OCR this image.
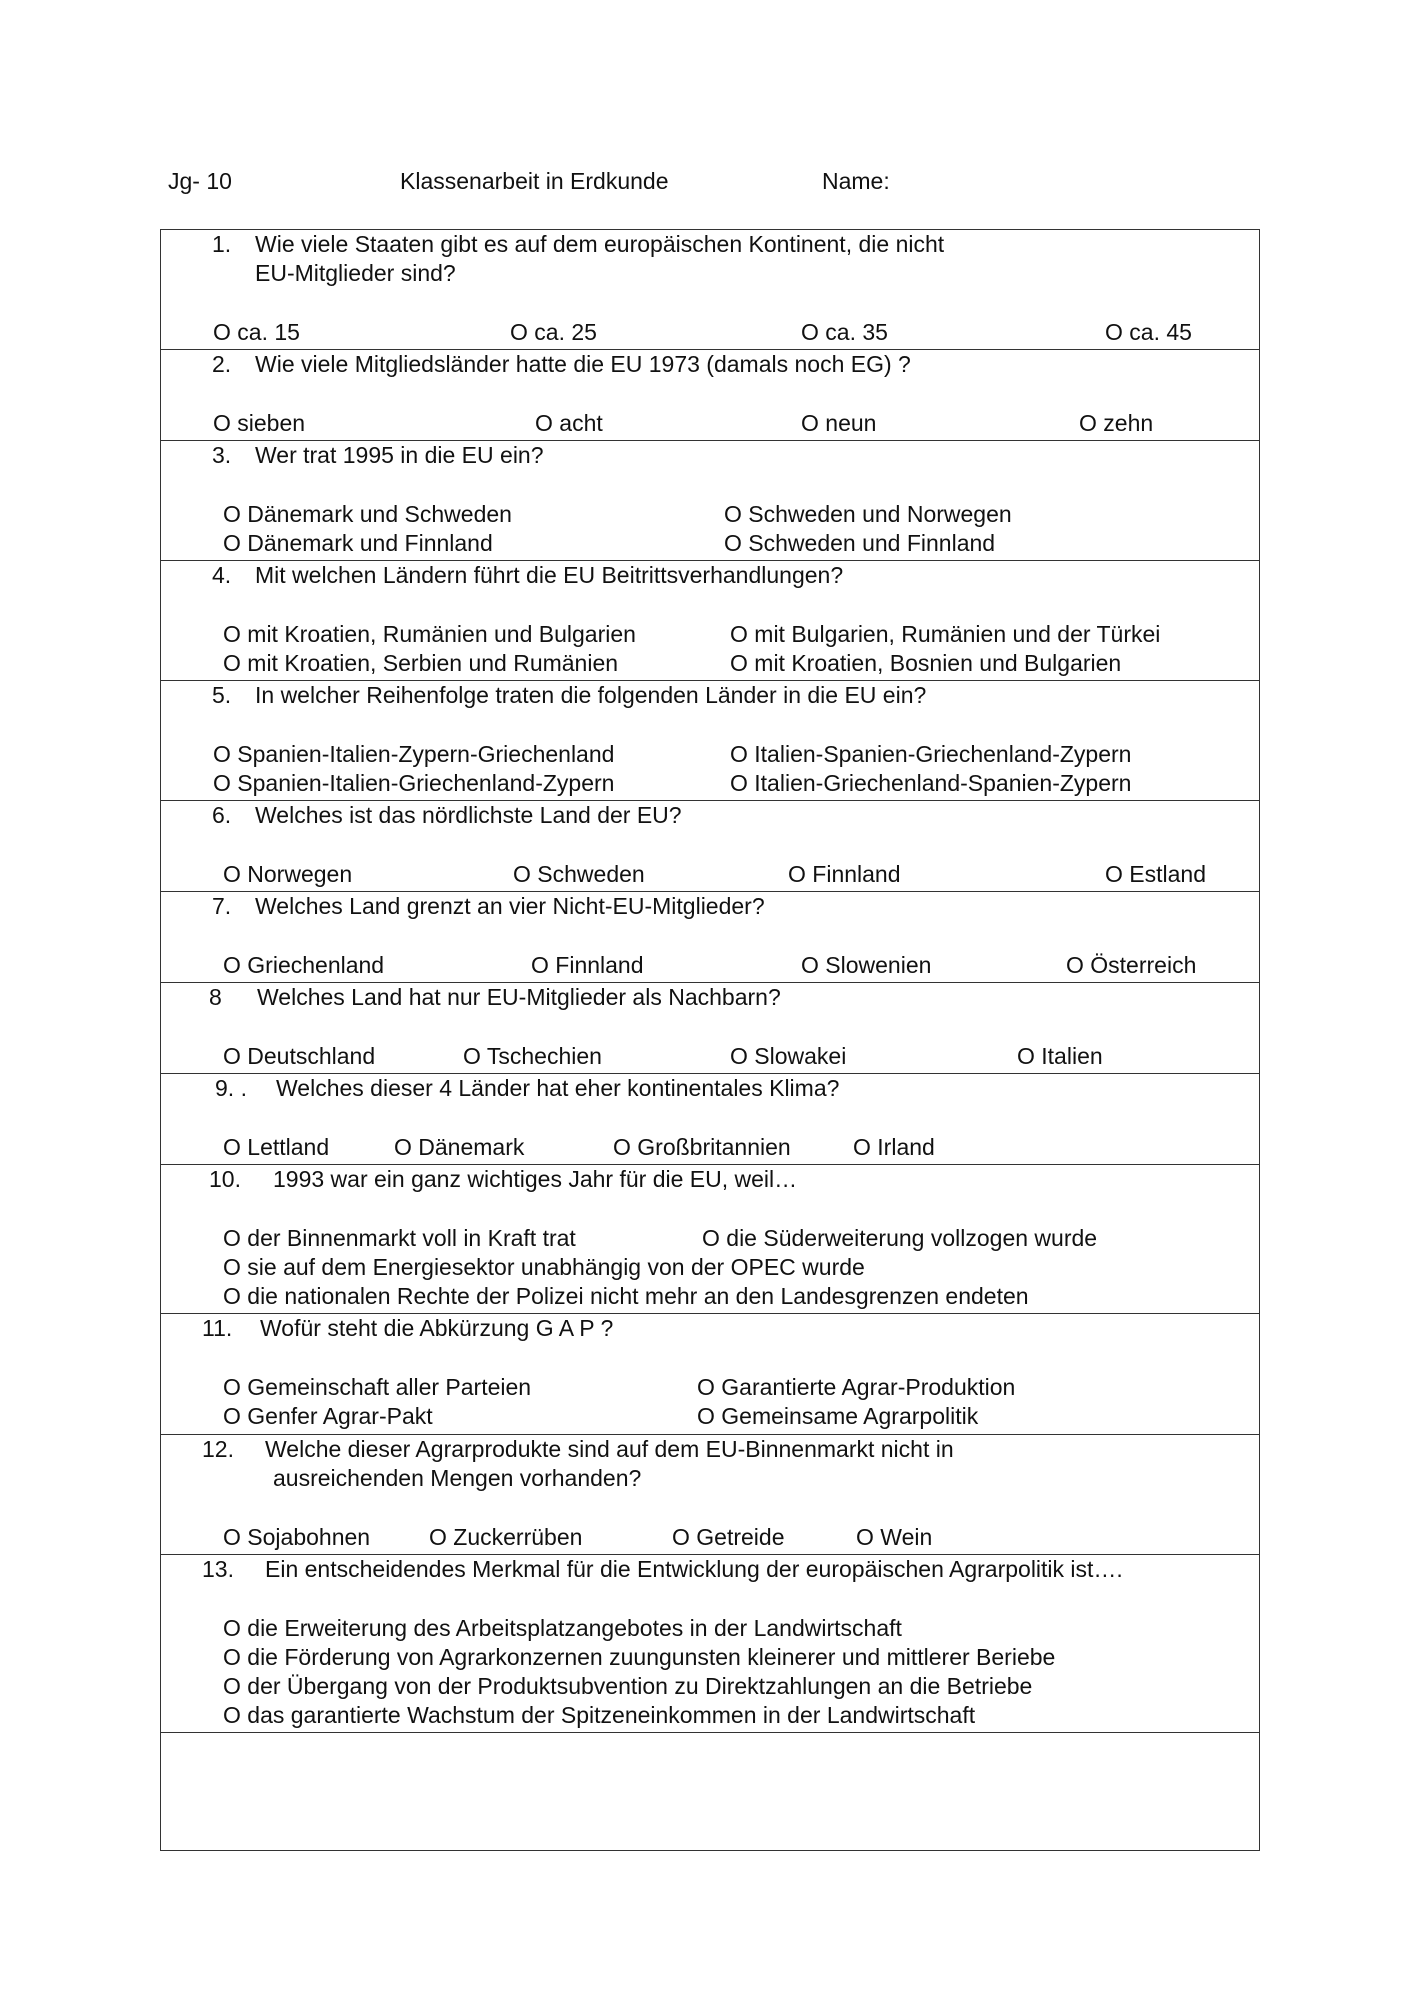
Jg- 10	Klassenarbeit in Erdkunde	Name:
1. Wie viele Staaten gibt es auf dem europäischen Kontinent, die nicht
EU-Mitglieder sind?
O ca. 15	O ca. 25	O ca. 35	O ca. 45
2. Wie viele Mitgliedsländer hatte die EU 1973 (damals noch EG) ?
O sieben	O acht	O neun	O zehn
3. Wer trat 1995 in die EU ein?
O Dänemark und Schweden	O Schweden und Norwegen
O Dänemark und Finnland	O Schweden und Finnland
4. Mit welchen Ländern führt die EU Beitrittsverhandlungen?
O mit Kroatien, Rumänien und Bulgarien	O mit Bulgarien, Rumänien und der Türkei
O mit Kroatien, Serbien und Rumänien	O mit Kroatien, Bosnien und Bulgarien
5. In welcher Reihenfolge traten die folgenden Länder in die EU ein?
O Spanien-Italien-Zypern-Griechenland	O Italien-Spanien-Griechenland-Zypern
O Spanien-Italien-Griechenland-Zypern	O Italien-Griechenland-Spanien-Zypern
6. Welches ist das nördlichste Land der EU?
O Norwegen	O Schweden	O Finnland	O Estland
7. Welches Land grenzt an vier Nicht-EU-Mitglieder?
O Griechenland	O Finnland	O Slowenien	O Österreich
8 Welches Land hat nur EU-Mitglieder als Nachbarn?
O Deutschland	O Tschechien	O Slowakei	O Italien
9. . Welches dieser 4 Länder hat eher kontinentales Klima?
O Lettland	O Dänemark	O Großbritannien	O Irland
10. 1993 war ein ganz wichtiges Jahr für die EU, weil…
O der Binnenmarkt voll in Kraft trat	O die Süderweiterung vollzogen wurde
O sie auf dem Energiesektor unabhängig von der OPEC wurde
O die nationalen Rechte der Polizei nicht mehr an den Landesgrenzen endeten
11. Wofür steht die Abkürzung G A P ?
O Gemeinschaft aller Parteien	O Garantierte Agrar-Produktion
O Genfer Agrar-Pakt	O Gemeinsame Agrarpolitik
12. Welche dieser Agrarprodukte sind auf dem EU-Binnenmarkt nicht in
ausreichenden Mengen vorhanden?
O Sojabohnen	O Zuckerrüben	O Getreide	O Wein
13. Ein entscheidendes Merkmal für die Entwicklung der europäischen Agrarpolitik ist….
O die Erweiterung des Arbeitsplatzangebotes in der Landwirtschaft
O die Förderung von Agrarkonzernen zuungunsten kleinerer und mittlerer Beriebe
O der Übergang von der Produktsubvention zu Direktzahlungen an die Betriebe
O das garantierte Wachstum der Spitzeneinkommen in der Landwirtschaft
